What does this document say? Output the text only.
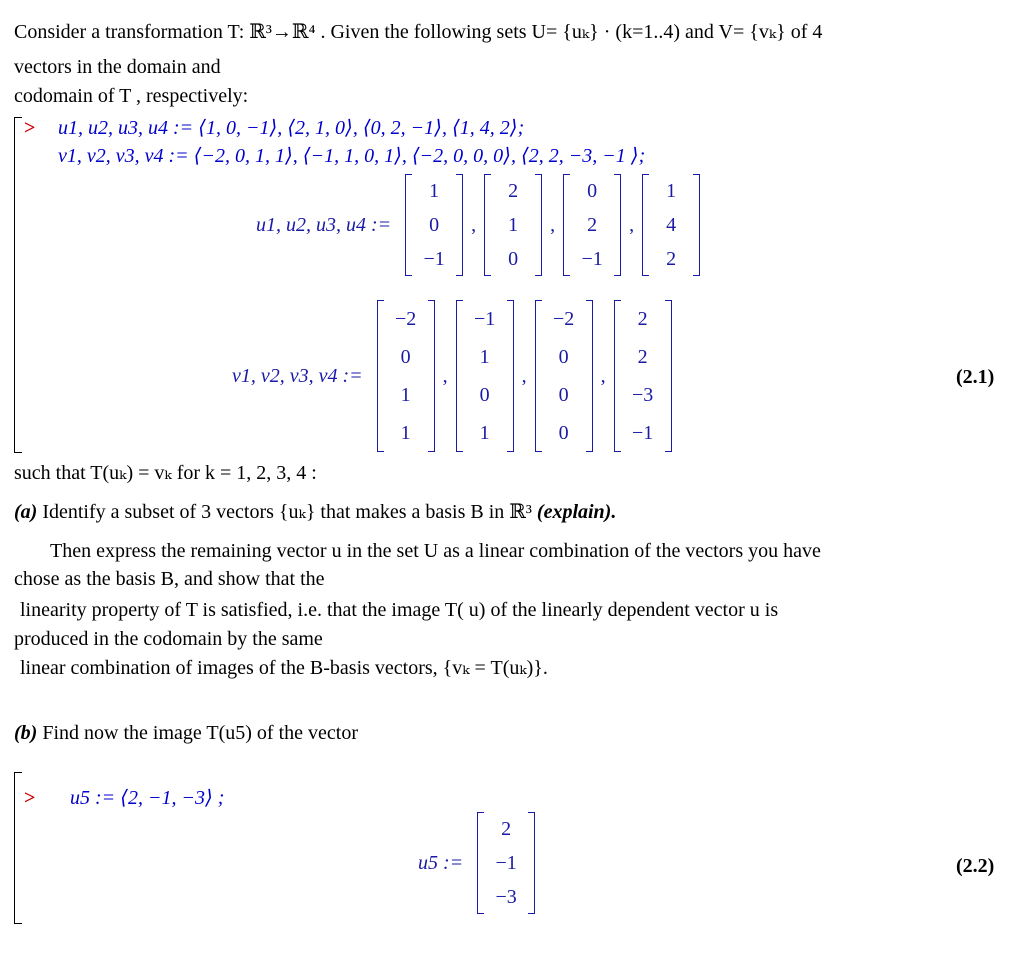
Consider a transformation T: ℝ³→ℝ⁴ . Given the following sets U= {uₖ} · (k=1..4) and V= {vₖ} of 4
vectors in the domain and
codomain of T , respectively:
> u1, u2, u3, u4 := ⟨1, 0, −1⟩, ⟨2, 1, 0⟩, ⟨0, 2, −1⟩, ⟨1, 4, 2⟩;
v1, v2, v3, v4 := ⟨−2, 0, 1, 1⟩, ⟨−1, 1, 0, 1⟩, ⟨−2, 0, 0, 0⟩, ⟨2, 2, −3, −1 ⟩;
u1, u2, u3, u4 :=
1
0
−1
,
2
1
0
,
0
2
−1
,
1
4
2
v1, v2, v3, v4 :=
−2
0
1
1
,
−1
1
0
1
,
−2
0
0
0
,
2
2
−3
−1
(2.1)
such that T(uₖ) = vₖ for k = 1, 2, 3, 4 :
(a) Identify a subset of 3 vectors {uₖ} that makes a basis B in ℝ³ (explain).
Then express the remaining vector u in the set U as a linear combination of the vectors you have
chose as the basis B, and show that the
linearity property of T is satisfied, i.e. that the image T( u) of the linearly dependent vector u is
produced in the codomain by the same
linear combination of images of the B-basis vectors, {vₖ = T(uₖ)}.
(b) Find now the image T(u5) of the vector
> u5 := ⟨2, −1, −3⟩ ;
u5 :=
2
−1
−3
(2.2)
